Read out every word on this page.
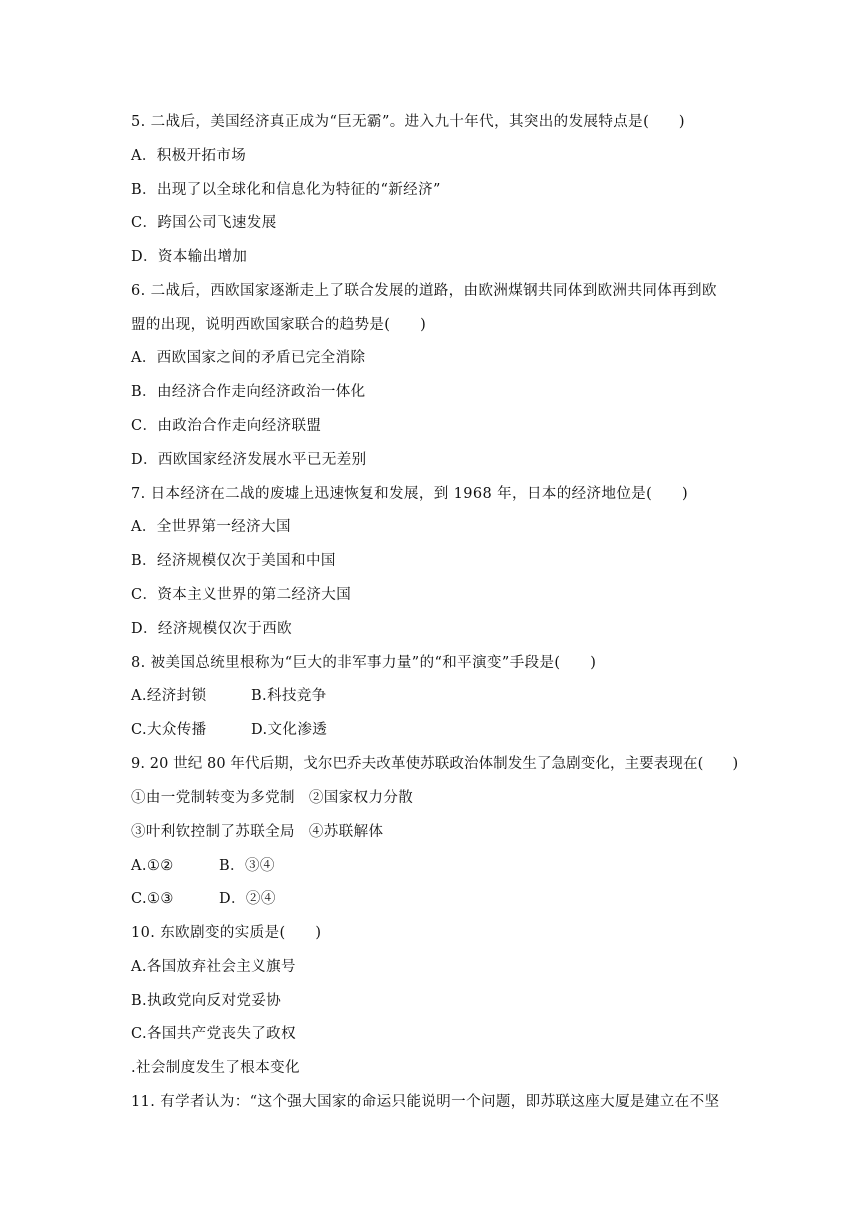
5. 二战后，美国经济真正成为“巨无霸”。进入九十年代，其突出的发展特点是(　　)
A．积极开拓市场
B．出现了以全球化和信息化为特征的“新经济”
C．跨国公司飞速发展
D．资本输出增加
6. 二战后，西欧国家逐渐走上了联合发展的道路，由欧洲煤钢共同体到欧洲共同体再到欧
盟的出现，说明西欧国家联合的趋势是(　　)
A．西欧国家之间的矛盾已完全消除
B．由经济合作走向经济政治一体化
C．由政治合作走向经济联盟
D．西欧国家经济发展水平已无差别
7. 日本经济在二战的废墟上迅速恢复和发展，到 1968 年，日本的经济地位是(　　)
A．全世界第一经济大国
B．经济规模仅次于美国和中国
C．资本主义世界的第二经济大国
D．经济规模仅次于西欧
8. 被美国总统里根称为“巨大的非军事力量”的“和平演变”手段是(　　)
A.经济封锁	B.科技竞争
C.大众传播	D.文化渗透
9. 20 世纪 80 年代后期，戈尔巴乔夫改革使苏联政治体制发生了急剧变化，主要表现在(　　)
①由一党制转变为多党制 ②国家权力分散
③叶利钦控制了苏联全局 ④苏联解体
A.①②	B．③④
C.①③	D．②④
10. 东欧剧变的实质是(　　)
A.各国放弃社会主义旗号
B.执政党向反对党妥协
C.各国共产党丧失了政权
.社会制度发生了根本变化
11. 有学者认为：“这个强大国家的命运只能说明一个问题，即苏联这座大厦是建立在不坚
